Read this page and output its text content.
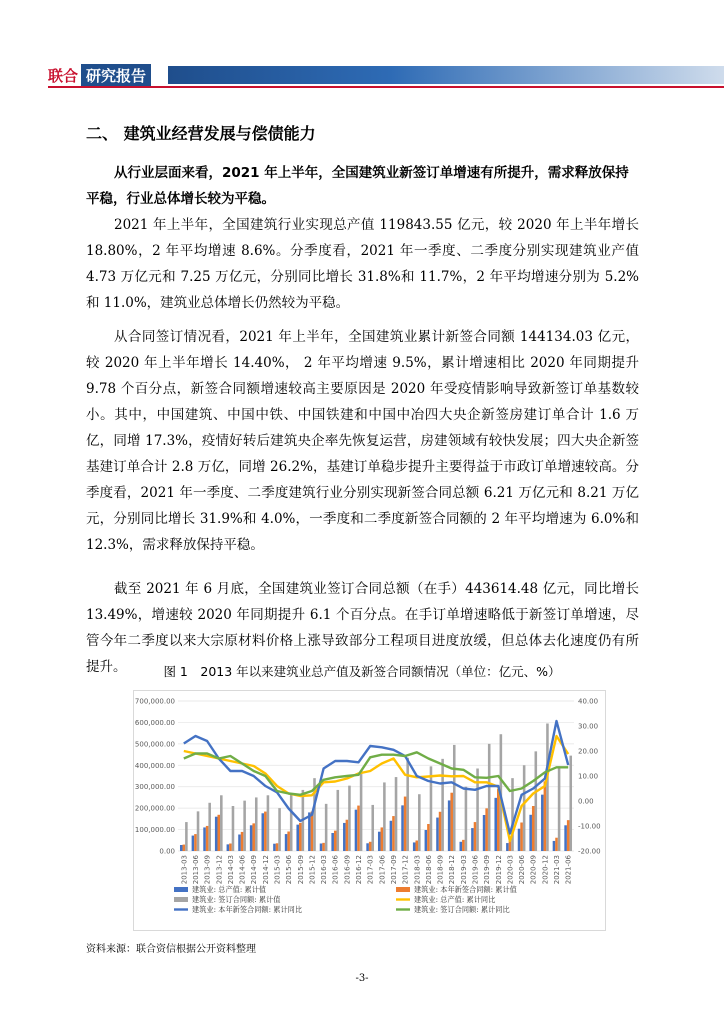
联合 研究报告
二、 建筑业经营发展与偿债能力
从行业层面来看，2021 年上半年，全国建筑业新签订单增速有所提升，需求释放保持平稳，行业总体增长较为平稳。
2021 年上半年，全国建筑行业实现总产值 119843.55 亿元，较 2020 年上半年增长 18.80%，2 年平均增速 8.6%。分季度看，2021 年一季度、二季度分别实现建筑业产值 4.73 万亿元和 7.25 万亿元，分别同比增长 31.8%和 11.7%，2 年平均增速分别为 5.2%和 11.0%，建筑业总体增长仍然较为平稳。
从合同签订情况看，2021 年上半年，全国建筑业累计新签合同额 144134.03 亿元，较 2020 年上半年增长 14.40%， 2 年平均增速 9.5%，累计增速相比 2020 年同期提升 9.78 个百分点，新签合同额增速较高主要原因是 2020 年受疫情影响导致新签订单基数较小。其中，中国建筑、中国中铁、中国铁建和中国中冶四大央企新签房建订单合计 1.6 万亿，同增 17.3%，疫情好转后建筑央企率先恢复运营，房建领域有较快发展；四大央企新签基建订单合计 2.8 万亿，同增 26.2%，基建订单稳步提升主要得益于市政订单增速较高。分季度看，2021 年一季度、二季度建筑行业分别实现新签合同总额 6.21 万亿元和 8.21 万亿元，分别同比增长 31.9%和 4.0%，一季度和二季度新签合同额的 2 年平均增速为 6.0%和 12.3%，需求释放保持平稳。
截至 2021 年 6 月底，全国建筑业签订合同总额（在手）443614.48 亿元，同比增长 13.49%，增速较 2020 年同期提升 6.1 个百分点。在手订单增速略低于新签订单增速，尽管今年二季度以来大宗原材料价格上涨导致部分工程项目进度放缓，但总体去化速度仍有所提升。	图 1　2013 年以来建筑业总产值及新签合同额情况（单位：亿元、%）
0.00
100,000.00
200,000.00
300,000.00
400,000.00
500,000.00
600,000.00
700,000.00
-20.00
-10.00
0.00
10.00
20.00
30.00
40.00
2013-03 2013-06 2013-09 2013-12 2014-03 2014-06 2014-09 2014-12 2015-03 2015-06 2015-09 2015-12 2016-03 2016-06 2016-09 2016-12 2017-03 2017-06 2017-09 2017-12 2018-03 2018-06 2018-09 2018-12 2019-03 2019-06 2019-09 2019-12 2020-03 2020-06 2020-09 2020-12 2021-03 2021-06
建筑业: 总产值: 累计值	建筑业: 本年新签合同额: 累计值
建筑业: 签订合同额: 累计值	建筑业: 总产值: 累计同比
建筑业: 本年新签合同额: 累计同比	建筑业: 签订合同额: 累计同比
资料来源：联合资信根据公开资料整理
-3-
